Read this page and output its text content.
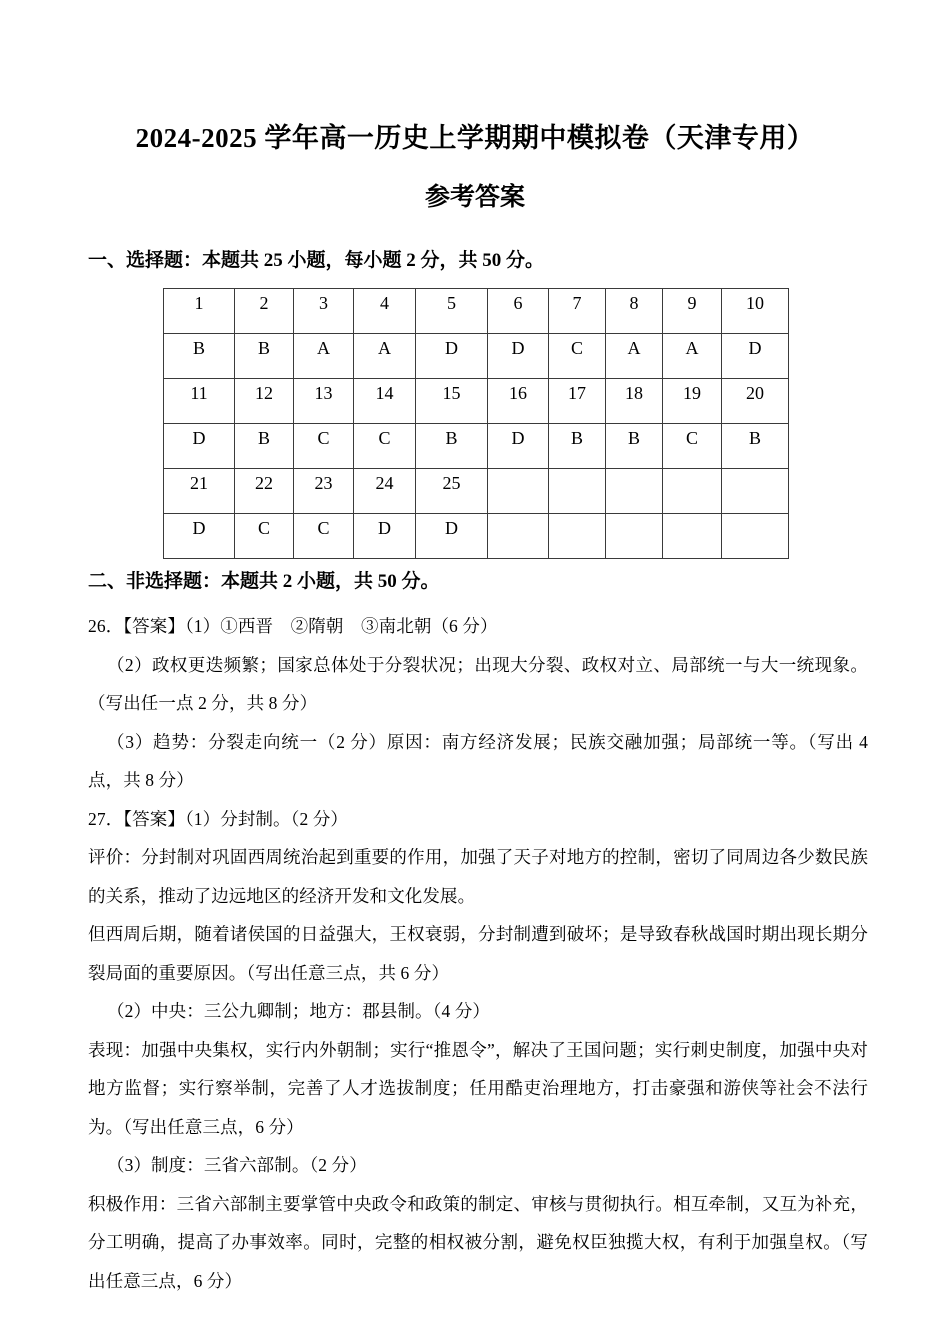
2024-2025 学年高一历史上学期期中模拟卷（天津专用）
参考答案
一、选择题：本题共 25 小题，每小题 2 分，共 50 分。
1	2	3	4	5	6	7	8	9	10
B	B	A	A	D	D	C	A	A	D
11	12	13	14	15	16	17	18	19	20
D	B	C	C	B	D	B	B	C	B
21	22	23	24	25					
D	C	C	D	D					
二、非选择题：本题共 2 小题，共 50 分。

26．【答案】（1）①西晋　②隋朝　③南北朝（6 分）

（2）政权更迭频繁；国家总体处于分裂状况；出现大分裂、政权对立、局部统一与大一统现象。（写出任一点 2 分，共 8 分）

（3）趋势：分裂走向统一（2 分）原因：南方经济发展；民族交融加强；局部统一等。（写出 4 点，共 8 分）

27．【答案】（1）分封制。（2 分）

评价：分封制对巩固西周统治起到重要的作用，加强了天子对地方的控制，密切了同周边各少数民族的关系，推动了边远地区的经济开发和文化发展。

但西周后期，随着诸侯国的日益强大，王权衰弱，分封制遭到破坏；是导致春秋战国时期出现长期分裂局面的重要原因。（写出任意三点，共 6 分）

（2）中央：三公九卿制；地方：郡县制。（4 分）

表现：加强中央集权，实行内外朝制；实行“推恩令”，解决了王国问题；实行刺史制度，加强中央对地方监督；实行察举制，完善了人才选拔制度；任用酷吏治理地方，打击豪强和游侠等社会不法行为。（写出任意三点，6 分）

（3）制度：三省六部制。（2 分）

积极作用：三省六部制主要掌管中央政令和政策的制定、审核与贯彻执行。相互牵制，又互为补充，分工明确，提高了办事效率。同时，完整的相权被分割，避免权臣独揽大权，有利于加强皇权。（写出任意三点，6 分）
